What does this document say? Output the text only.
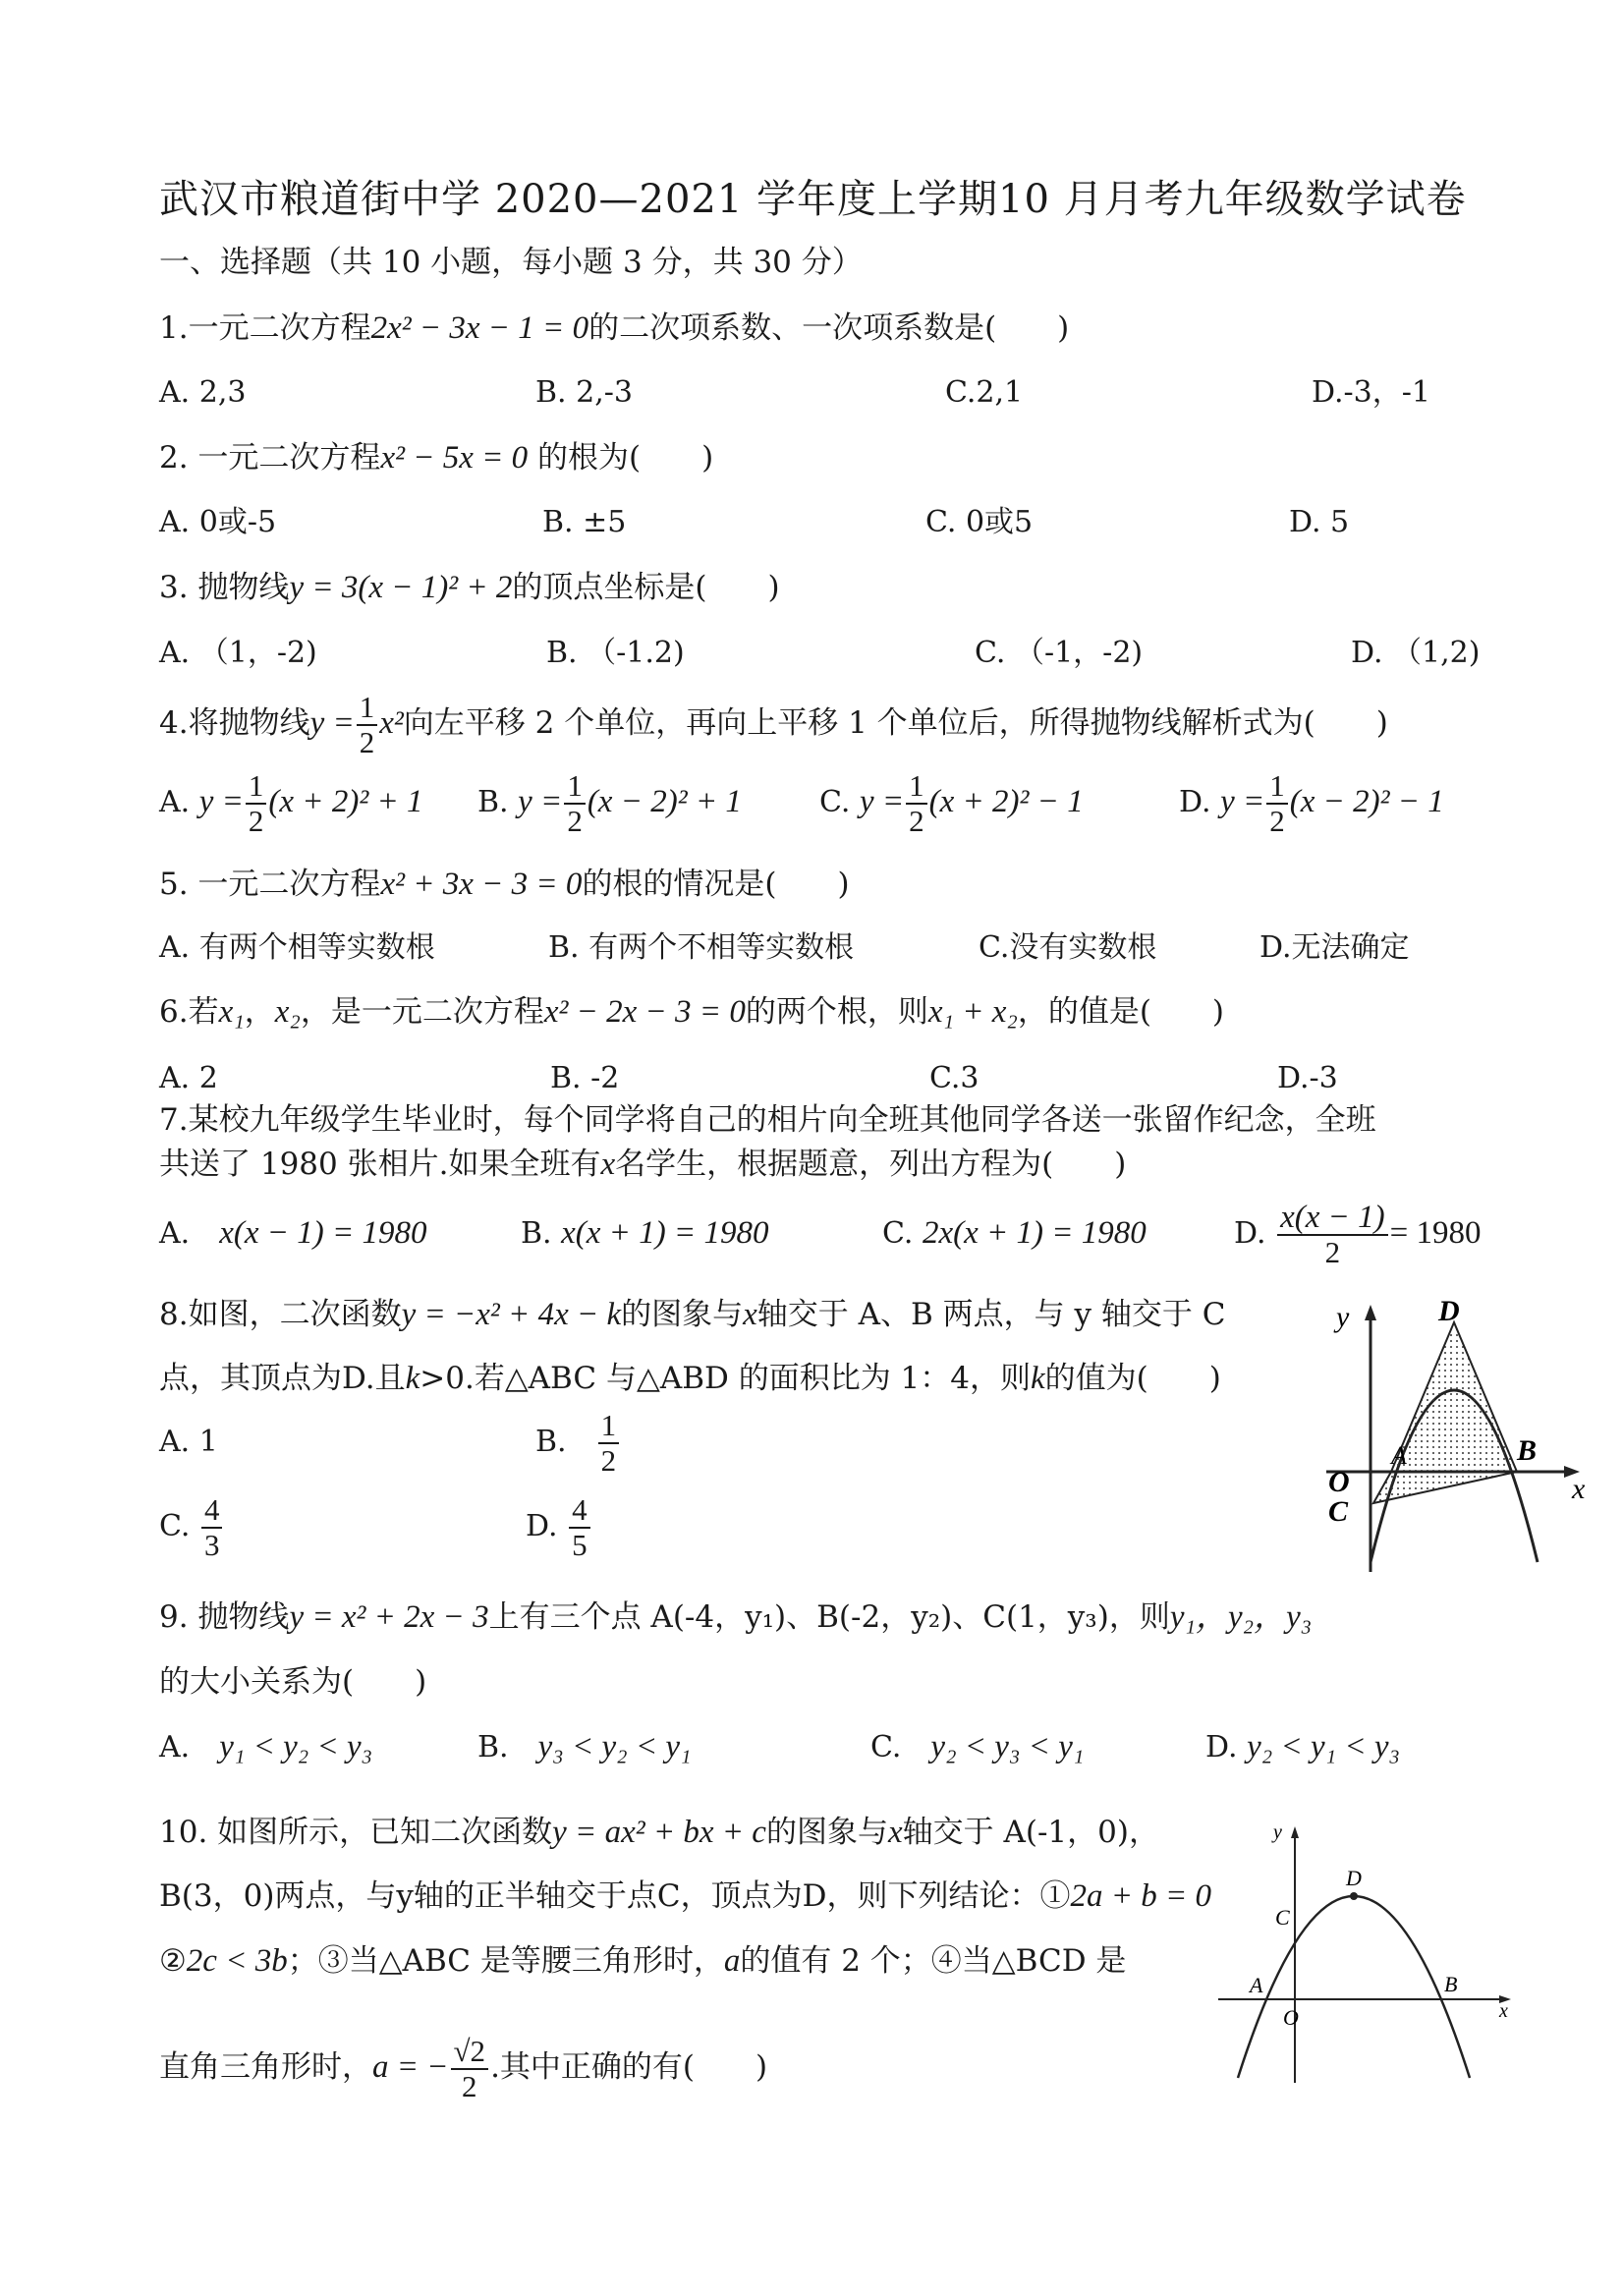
武汉市粮道街中学 2020—2021 学年度上学期10 月月考九年级数学试卷
一、选择题（共 10 小题，每小题 3 分，共 30 分）
1.一元二次方程2x² − 3x − 1 = 0的二次项系数、一次项系数是(　　)
A. 2,3	B. 2,-3	C.2,1	D.-3，-1
2. 一元二次方程x² − 5x = 0 的根为(　　)
A. 0或-5	B. ±5	C. 0或5	D. 5
3. 抛物线y = 3(x − 1)² + 2的顶点坐标是(　　)
A. （1，-2)	B. （-1.2)	C. （-1，-2)	D. （1,2)
4.将抛物线$y = \frac{1}{2} x^2$向左平移 2 个单位，再向上平移 1 个单位后，所得抛物线解析式为(　　)
A. $y = \frac{1}{2} (x + 2)^2 + 1$ B. $y = \frac{1}{2} (x - 2)^2 + 1$	C. $y = \frac{1}{2} (x + 2)^2 - 1$	D. $y = \frac{1}{2} (x - 2)^2 - 1$
5. 一元二次方程x² + 3x − 3 = 0的根的情况是(　　)
A. 有两个相等实数根	B. 有两个不相等实数根	C.没有实数根	D.无法确定
6.若x₁，x₂，是一元二次方程x² − 2x − 3 = 0的两个根，则x₁ + x₂，的值是(　　)
A. 2	B. -2	C.3	D.-3
7.某校九年级学生毕业时，每个同学将自己的相片向全班其他同学各送一张留作纪念，全班
共送了 1980 张相片.如果全班有x名学生，根据题意，列出方程为(　　)
A.　 x(x − 1) = 1980	B. x(x + 1) = 1980	C. 2x(x + 1) = 1980	D. $\frac{x(x - 1)}{2} = 1980$
8.如图，二次函数y = −x² + 4x − k的图象与x轴交于 A、B 两点，与 y 轴交于 C
点，其顶点为D.且k>0.若△ABC 与△ABD 的面积比为 1：4，则k的值为(　　)
A. 1	B.　 $\frac{1}{2}$
C. $\frac{4}{3}$	D. $\frac{4}{5}$
y
x
D
A	B
O
C
9. 抛物线y = x² + 2x − 3上有三个点 A(-4，y₁)、B(-2，y₂)、C(1，y₃)，则y₁，y₂，y₃
的大小关系为(　　)
A.　 y₁ < y₂ < y₃	B.　 y₃ < y₂ < y₁	C.　 y₂ < y₃ < y₁	D. y₂ < y₁ < y₃
10. 如图所示，已知二次函数y = ax² + bx + c的图象与x轴交于 A(-1，0)，
B(3，0)两点，与y轴的正半轴交于点C，顶点为D，则下列结论：①2a + b = 0
②2c < 3b；③当△ABC 是等腰三角形时，a的值有 2 个；④当△BCD 是
直角三角形时，a = − $\frac{√2}{2}$ .其中正确的有(　　)
y
x
D
C
A	B
O
